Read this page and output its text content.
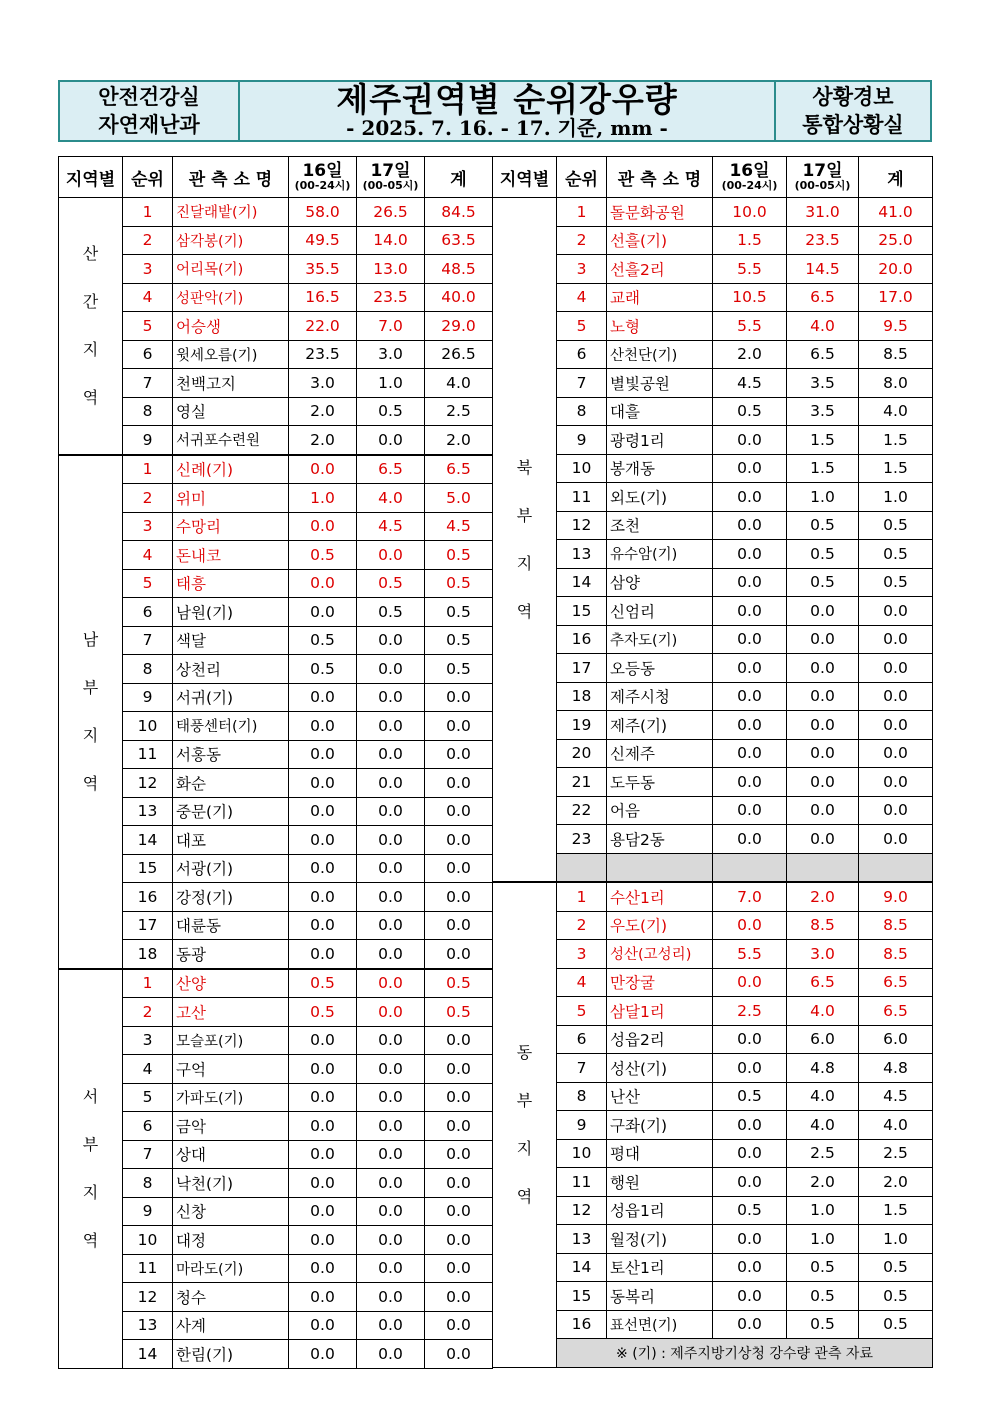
안전건강실
자연재난과
제주권역별 순위강우량
- 2025. 7. 16. - 17. 기준, mm -
상황경보
통합상황실
지역별	순위	관 측 소 명	16일
(00-24시)	17일
(00-05시)	계

산
간
지
역	1	진달래밭(기)	58.0	26.5	84.5
	2	삼각봉(기)	49.5	14.0	63.5
	3	어리목(기)	35.5	13.0	48.5
	4	성판악(기)	16.5	23.5	40.0
	5	어승생	22.0	7.0	29.0
	6	윗세오름(기)	23.5	3.0	26.5
	7	천백고지	3.0	1.0	4.0
	8	영실	2.0	0.5	2.5
	9	서귀포수련원	2.0	0.0	2.0

남
부
지
역	1	신례(기)	0.0	6.5	6.5
	2	위미	1.0	4.0	5.0
	3	수망리	0.0	4.5	4.5
	4	돈내코	0.5	0.0	0.5
	5	태흥	0.0	0.5	0.5
	6	남원(기)	0.0	0.5	0.5
	7	색달	0.5	0.0	0.5
	8	상천리	0.5	0.0	0.5
	9	서귀(기)	0.0	0.0	0.0
	10	태풍센터(기)	0.0	0.0	0.0
	11	서홍동	0.0	0.0	0.0
	12	화순	0.0	0.0	0.0
	13	중문(기)	0.0	0.0	0.0
	14	대포	0.0	0.0	0.0
	15	서광(기)	0.0	0.0	0.0
	16	강정(기)	0.0	0.0	0.0
	17	대륜동	0.0	0.0	0.0
	18	동광	0.0	0.0	0.0

서
부
지
역	1	산양	0.5	0.0	0.5
	2	고산	0.5	0.0	0.5
	3	모슬포(기)	0.0	0.0	0.0
	4	구억	0.0	0.0	0.0
	5	가파도(기)	0.0	0.0	0.0
	6	금악	0.0	0.0	0.0
	7	상대	0.0	0.0	0.0
	8	낙천(기)	0.0	0.0	0.0
	9	신창	0.0	0.0	0.0
	10	대정	0.0	0.0	0.0
	11	마라도(기)	0.0	0.0	0.0
	12	청수	0.0	0.0	0.0
	13	사계	0.0	0.0	0.0
	14	한림(기)	0.0	0.0	0.0
지역별	순위	관 측 소 명	16일
(00-24시)	17일
(00-05시)	계

북
부
지
역	1	돌문화공원	10.0	31.0	41.0
	2	선흘(기)	1.5	23.5	25.0
	3	선흘2리	5.5	14.5	20.0
	4	교래	10.5	6.5	17.0
	5	노형	5.5	4.0	9.5
	6	산천단(기)	2.0	6.5	8.5
	7	별빛공원	4.5	3.5	8.0
	8	대흘	0.5	3.5	4.0
	9	광령1리	0.0	1.5	1.5
	10	봉개동	0.0	1.5	1.5
	11	외도(기)	0.0	1.0	1.0
	12	조천	0.0	0.5	0.5
	13	유수암(기)	0.0	0.5	0.5
	14	삼양	0.0	0.5	0.5
	15	신엄리	0.0	0.0	0.0
	16	추자도(기)	0.0	0.0	0.0
	17	오등동	0.0	0.0	0.0
	18	제주시청	0.0	0.0	0.0
	19	제주(기)	0.0	0.0	0.0
	20	신제주	0.0	0.0	0.0
	21	도두동	0.0	0.0	0.0
	22	어음	0.0	0.0	0.0
	23	용담2동	0.0	0.0	0.0

동
부
지
역	1	수산1리	7.0	2.0	9.0
	2	우도(기)	0.0	8.5	8.5
	3	성산(고성리)	5.5	3.0	8.5
	4	만장굴	0.0	6.5	6.5
	5	삼달1리	2.5	4.0	6.5
	6	성읍2리	0.0	6.0	6.0
	7	성산(기)	0.0	4.8	4.8
	8	난산	0.5	4.0	4.5
	9	구좌(기)	0.0	4.0	4.0
	10	평대	0.0	2.5	2.5
	11	행원	0.0	2.0	2.0
	12	성읍1리	0.5	1.0	1.5
	13	월정(기)	0.0	1.0	1.0
	14	토산1리	0.0	0.5	0.5
	15	동복리	0.0	0.5	0.5
	16	표선면(기)	0.0	0.5	0.5
	※ (기) : 제주지방기상청 강수량 관측 자료				
